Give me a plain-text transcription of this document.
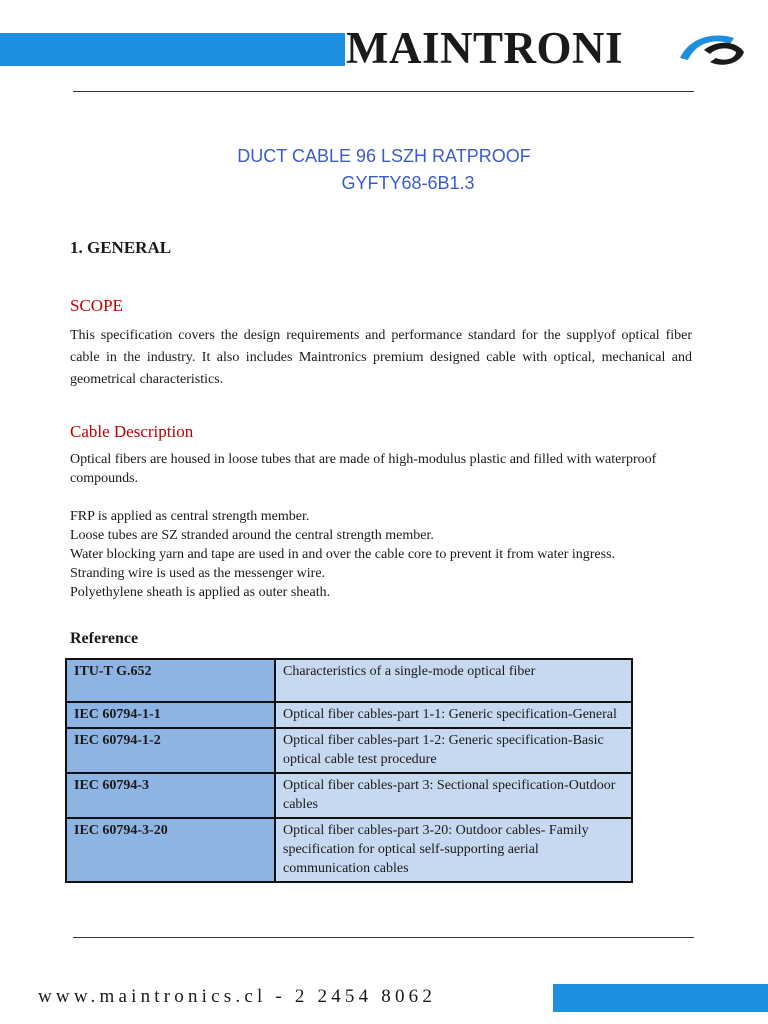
MAINTRONI
DUCT CABLE 96 LSZH RATPROOF
GYFTY68-6B1.3
1. GENERAL
SCOPE
This specification covers the design requirements and performance standard for the supplyof optical fiber cable in the industry. It also includes Maintronics premium designed cable with optical, mechanical and geometrical characteristics.
Cable Description
Optical fibers are housed in loose tubes that are made of high-modulus plastic and filled with waterproof compounds.
FRP is applied as central strength member.
Loose tubes are SZ stranded around the central strength member.
Water blocking yarn and tape are used in and over the cable core to prevent it from water ingress.
Stranding wire is used as the messenger wire.
Polyethylene sheath is applied as outer sheath.
Reference
ITU-T G.652	Characteristics of a single-mode optical fiber
IEC 60794-1-1	Optical fiber cables-part 1-1: Generic specification-General
IEC 60794-1-2	Optical fiber cables-part 1-2: Generic specification-Basic optical cable test procedure
IEC 60794-3	Optical fiber cables-part 3: Sectional specification-Outdoor cables
IEC 60794-3-20	Optical fiber cables-part 3-20: Outdoor cables- Family specification for optical self-supporting aerial communication cables
www.maintronics.cl - 2 2454 8062
